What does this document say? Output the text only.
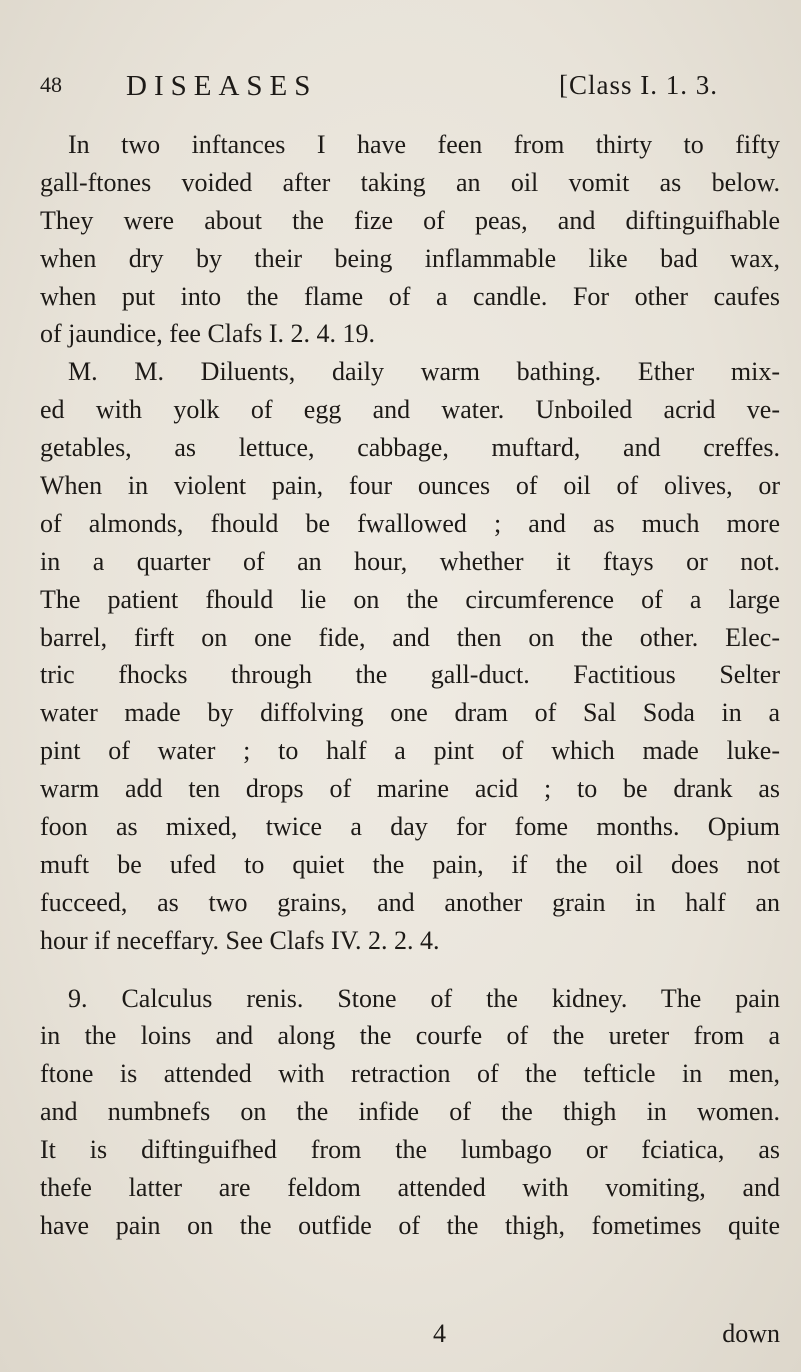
48 DISEASES	[Class I. 1. 3.
In two inftances I have feen from thirty to fifty
gall-ftones voided after taking an oil vomit as below.
They were about the fize of peas, and diftinguifhable
when dry by their being inflammable like bad wax,
when put into the flame of a candle. For other caufes
of jaundice, fee Clafs I. 2. 4. 19.
M. M. Diluents, daily warm bathing. Ether mix-
ed with yolk of egg and water. Unboiled acrid ve-
getables, as lettuce, cabbage, muftard, and creffes.
When in violent pain, four ounces of oil of olives, or
of almonds, fhould be fwallowed ; and as much more
in a quarter of an hour, whether it ftays or not.
The patient fhould lie on the circumference of a large
barrel, firft on one fide, and then on the other. Elec-
tric fhocks through the gall-duct. Factitious Selter
water made by diffolving one dram of Sal Soda in a
pint of water ; to half a pint of which made luke-
warm add ten drops of marine acid ; to be drank as
foon as mixed, twice a day for fome months. Opium
muft be ufed to quiet the pain, if the oil does not
fucceed, as two grains, and another grain in half an
hour if neceffary. See Clafs IV. 2. 2. 4.
9. Calculus renis. Stone of the kidney. The pain
in the loins and along the courfe of the ureter from a
ftone is attended with retraction of the tefticle in men,
and numbnefs on the infide of the thigh in women.
It is diftinguifhed from the lumbago or fciatica, as
thefe latter are feldom attended with vomiting, and
have pain on the outfide of the thigh, fometimes quite
4	down
